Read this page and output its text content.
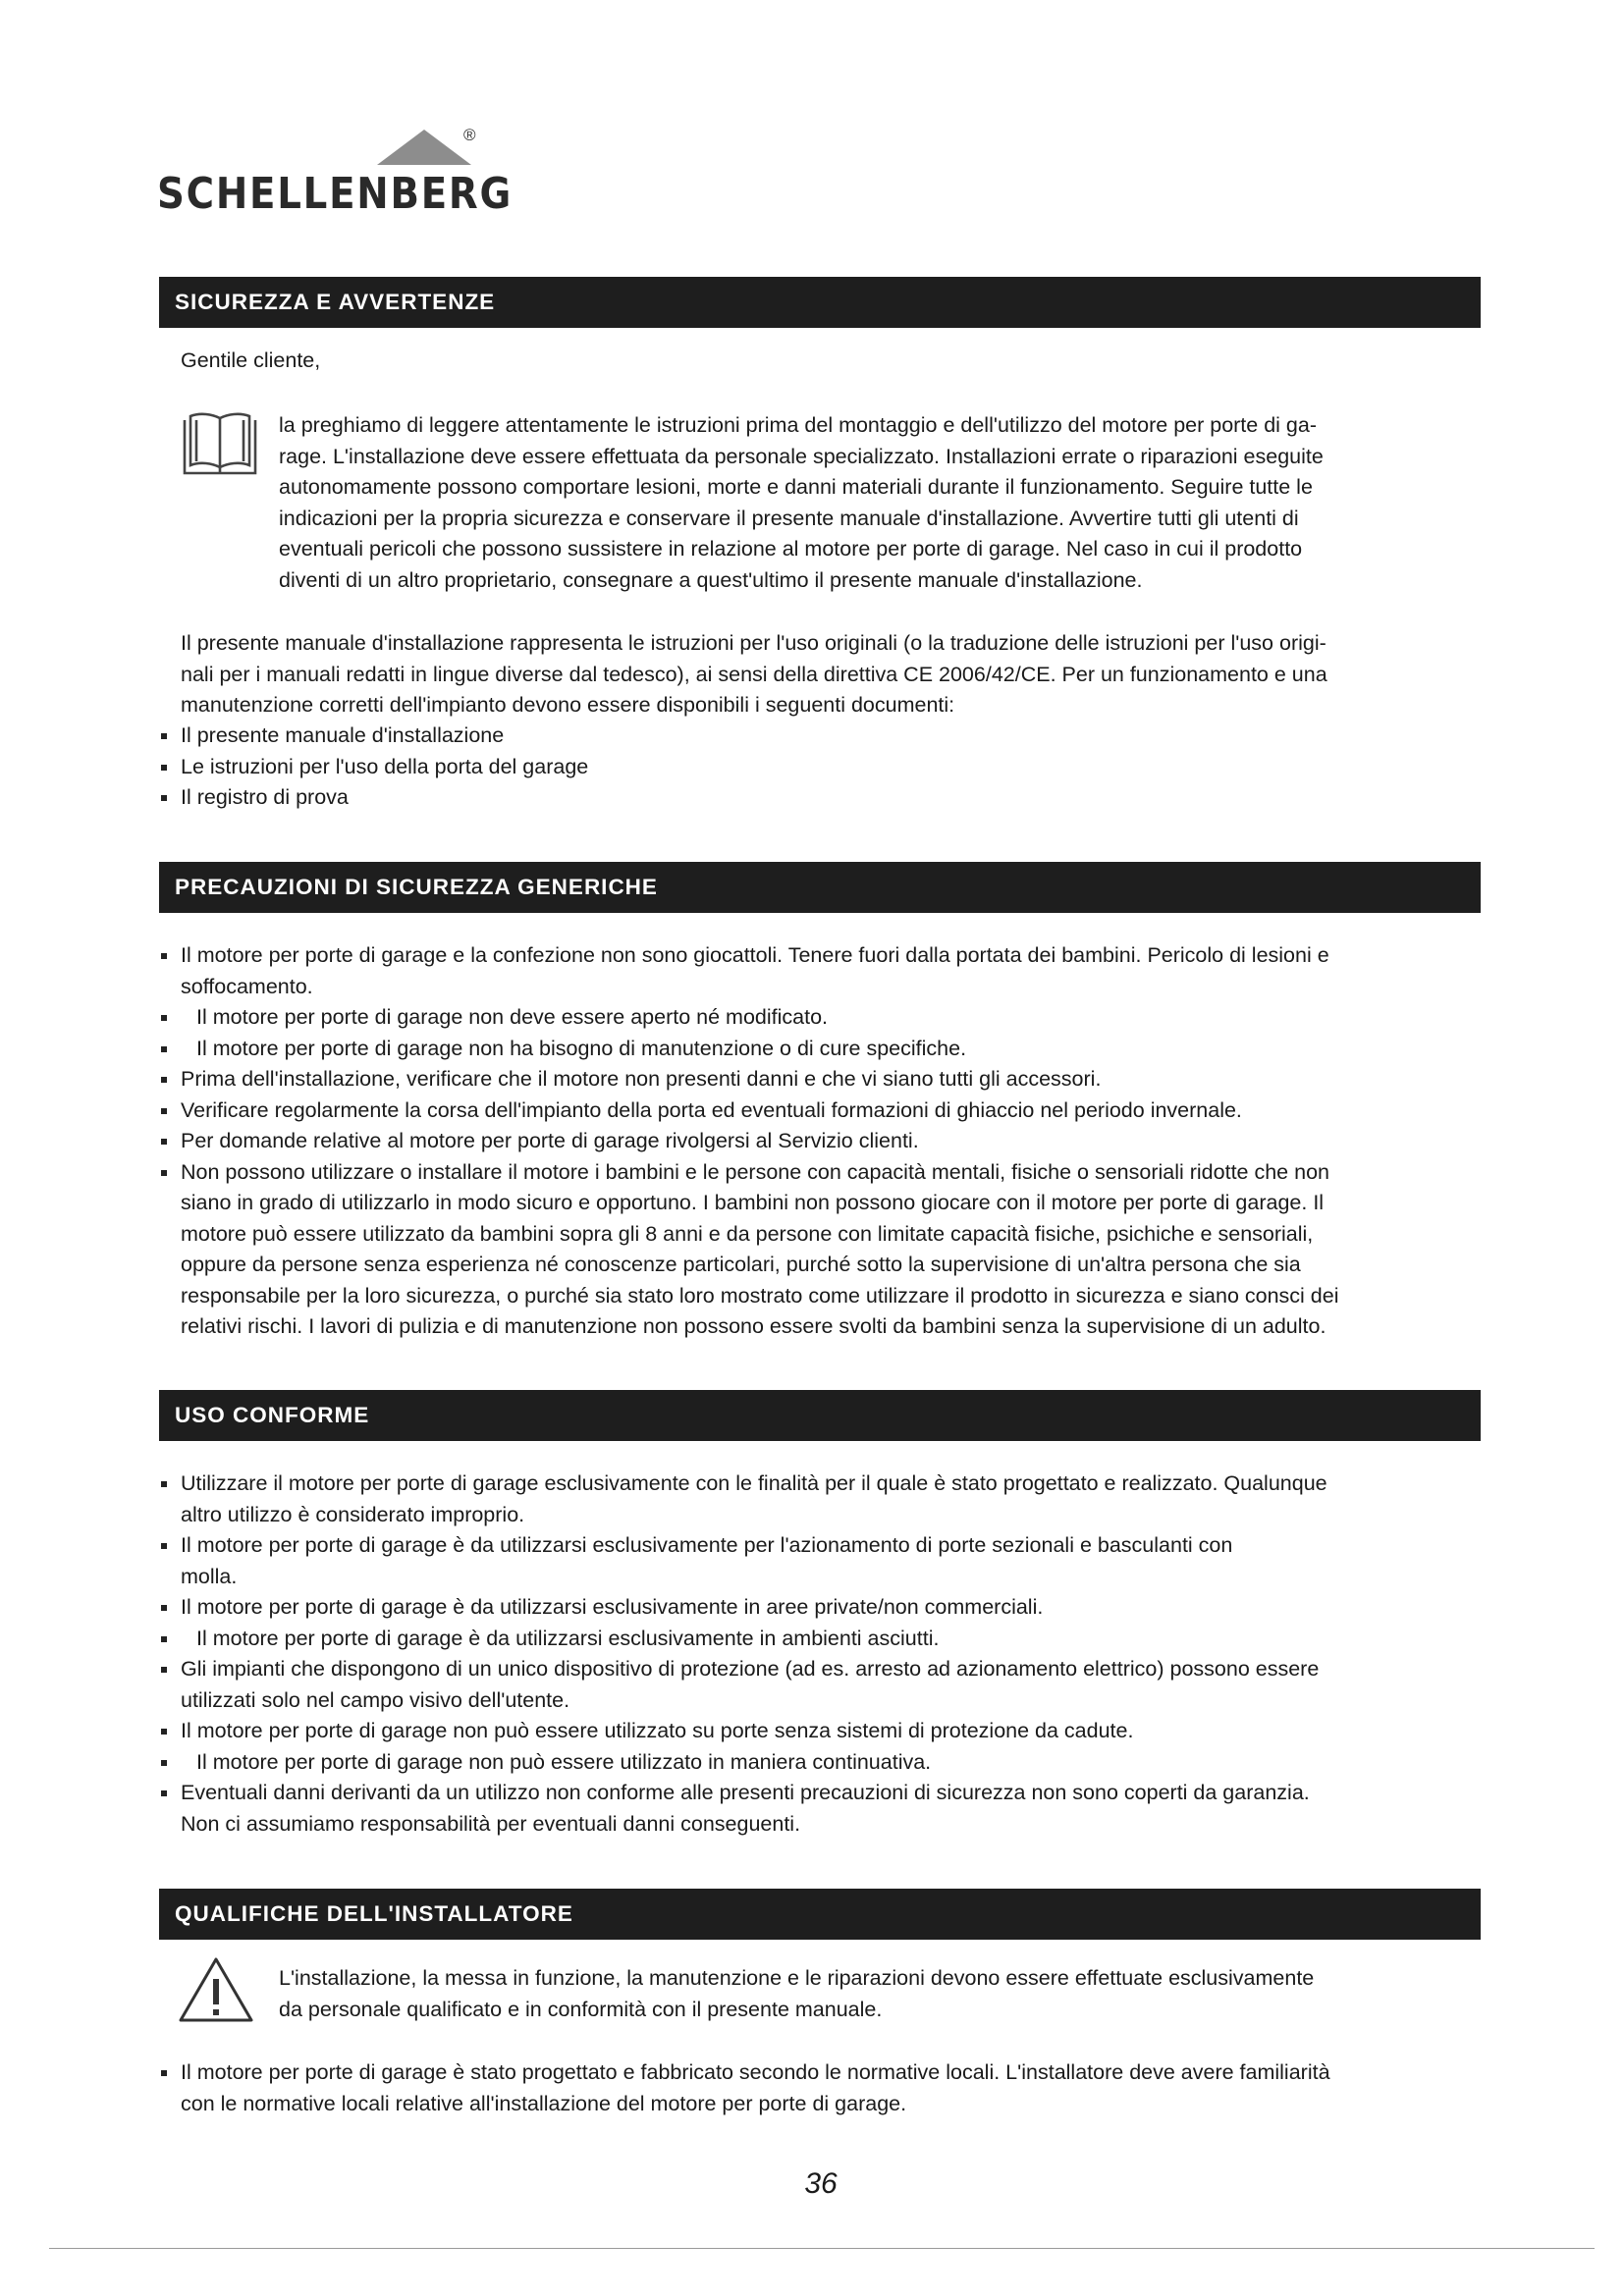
®
SCHELLENBERG
SICUREZZA E AVVERTENZE
Gentile cliente,
la preghiamo di leggere attentamente le istruzioni prima del montaggio e dell'utilizzo del motore per porte di ga-
rage. L'installazione deve essere effettuata da personale specializzato. Installazioni errate o riparazioni eseguite
autonomamente possono comportare lesioni, morte e danni materiali durante il funzionamento. Seguire tutte le
indicazioni per la propria sicurezza e conservare il presente manuale d'installazione. Avvertire tutti gli utenti di
eventuali pericoli che possono sussistere in relazione al motore per porte di garage. Nel caso in cui il prodotto
diventi di un altro proprietario, consegnare a quest'ultimo il presente manuale d'installazione.
Il presente manuale d'installazione rappresenta le istruzioni per l'uso originali (o la traduzione delle istruzioni per l'uso origi-
nali per i manuali redatti in lingue diverse dal tedesco), ai sensi della direttiva CE 2006/42/CE. Per un funzionamento e una
manutenzione corretti dell'impianto devono essere disponibili i seguenti documenti:
Il presente manuale d'installazione
Le istruzioni per l'uso della porta del garage
Il registro di prova
PRECAUZIONI DI SICUREZZA GENERICHE
Il motore per porte di garage e la confezione non sono giocattoli. Tenere fuori dalla portata dei bambini. Pericolo di lesioni e
soffocamento.
Il motore per porte di garage non deve essere aperto né modificato.
Il motore per porte di garage non ha bisogno di manutenzione o di cure specifiche.
Prima dell'installazione, verificare che il motore non presenti danni e che vi siano tutti gli accessori.
Verificare regolarmente la corsa dell'impianto della porta ed eventuali formazioni di ghiaccio nel periodo invernale.
Per domande relative al motore per porte di garage rivolgersi al Servizio clienti.
Non possono utilizzare o installare il motore i bambini e le persone con capacità mentali, fisiche o sensoriali ridotte che non
siano in grado di utilizzarlo in modo sicuro e opportuno. I bambini non possono giocare con il motore per porte di garage. Il
motore può essere utilizzato da bambini sopra gli 8 anni e da persone con limitate capacità fisiche, psichiche e sensoriali,
oppure da persone senza esperienza né conoscenze particolari, purché sotto la supervisione di un'altra persona che sia
responsabile per la loro sicurezza, o purché sia stato loro mostrato come utilizzare il prodotto in sicurezza e siano consci dei
relativi rischi. I lavori di pulizia e di manutenzione non possono essere svolti da bambini senza la supervisione di un adulto.
USO CONFORME
Utilizzare il motore per porte di garage esclusivamente con le finalità per il quale è stato progettato e realizzato. Qualunque
altro utilizzo è considerato improprio.
Il motore per porte di garage è da utilizzarsi esclusivamente per l'azionamento di porte sezionali e basculanti con
molla.
Il motore per porte di garage è da utilizzarsi esclusivamente in aree private/non commerciali.
Il motore per porte di garage è da utilizzarsi esclusivamente in ambienti asciutti.
Gli impianti che dispongono di un unico dispositivo di protezione (ad es. arresto ad azionamento elettrico) possono essere
utilizzati solo nel campo visivo dell'utente.
Il motore per porte di garage non può essere utilizzato su porte senza sistemi di protezione da cadute.
Il motore per porte di garage non può essere utilizzato in maniera continuativa.
Eventuali danni derivanti da un utilizzo non conforme alle presenti precauzioni di sicurezza non sono coperti da garanzia.
Non ci assumiamo responsabilità per eventuali danni conseguenti.
QUALIFICHE DELL'INSTALLATORE
L'installazione, la messa in funzione, la manutenzione e le riparazioni devono essere effettuate esclusivamente
da personale qualificato e in conformità con il presente manuale.
Il motore per porte di garage è stato progettato e fabbricato secondo le normative locali. L'installatore deve avere familiarità
con le normative locali relative all'installazione del motore per porte di garage.
36
